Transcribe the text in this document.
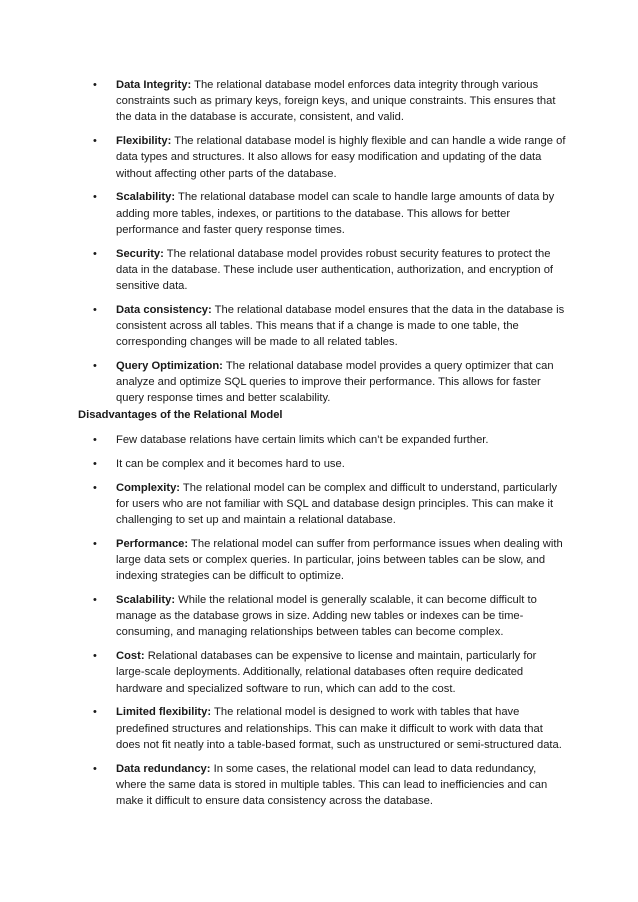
• Data Integrity: The relational database model enforces data integrity through various constraints such as primary keys, foreign keys, and unique constraints. This ensures that the data in the database is accurate, consistent, and valid.
• Flexibility: The relational database model is highly flexible and can handle a wide range of data types and structures. It also allows for easy modification and updating of the data without affecting other parts of the database.
• Scalability: The relational database model can scale to handle large amounts of data by adding more tables, indexes, or partitions to the database. This allows for better performance and faster query response times.
• Security: The relational database model provides robust security features to protect the data in the database. These include user authentication, authorization, and encryption of sensitive data.
• Data consistency: The relational database model ensures that the data in the database is consistent across all tables. This means that if a change is made to one table, the corresponding changes will be made to all related tables.
• Query Optimization: The relational database model provides a query optimizer that can analyze and optimize SQL queries to improve their performance. This allows for faster query response times and better scalability.

Disadvantages of the Relational Model

• Few database relations have certain limits which can’t be expanded further.
• It can be complex and it becomes hard to use.
• Complexity: The relational model can be complex and difficult to understand, particularly for users who are not familiar with SQL and database design principles. This can make it challenging to set up and maintain a relational database.
• Performance: The relational model can suffer from performance issues when dealing with large data sets or complex queries. In particular, joins between tables can be slow, and indexing strategies can be difficult to optimize.
• Scalability: While the relational model is generally scalable, it can become difficult to manage as the database grows in size. Adding new tables or indexes can be time-consuming, and managing relationships between tables can become complex.
• Cost: Relational databases can be expensive to license and maintain, particularly for large-scale deployments. Additionally, relational databases often require dedicated hardware and specialized software to run, which can add to the cost.
• Limited flexibility: The relational model is designed to work with tables that have predefined structures and relationships. This can make it difficult to work with data that does not fit neatly into a table-based format, such as unstructured or semi-structured data.
• Data redundancy: In some cases, the relational model can lead to data redundancy, where the same data is stored in multiple tables. This can lead to inefficiencies and can make it difficult to ensure data consistency across the database.
